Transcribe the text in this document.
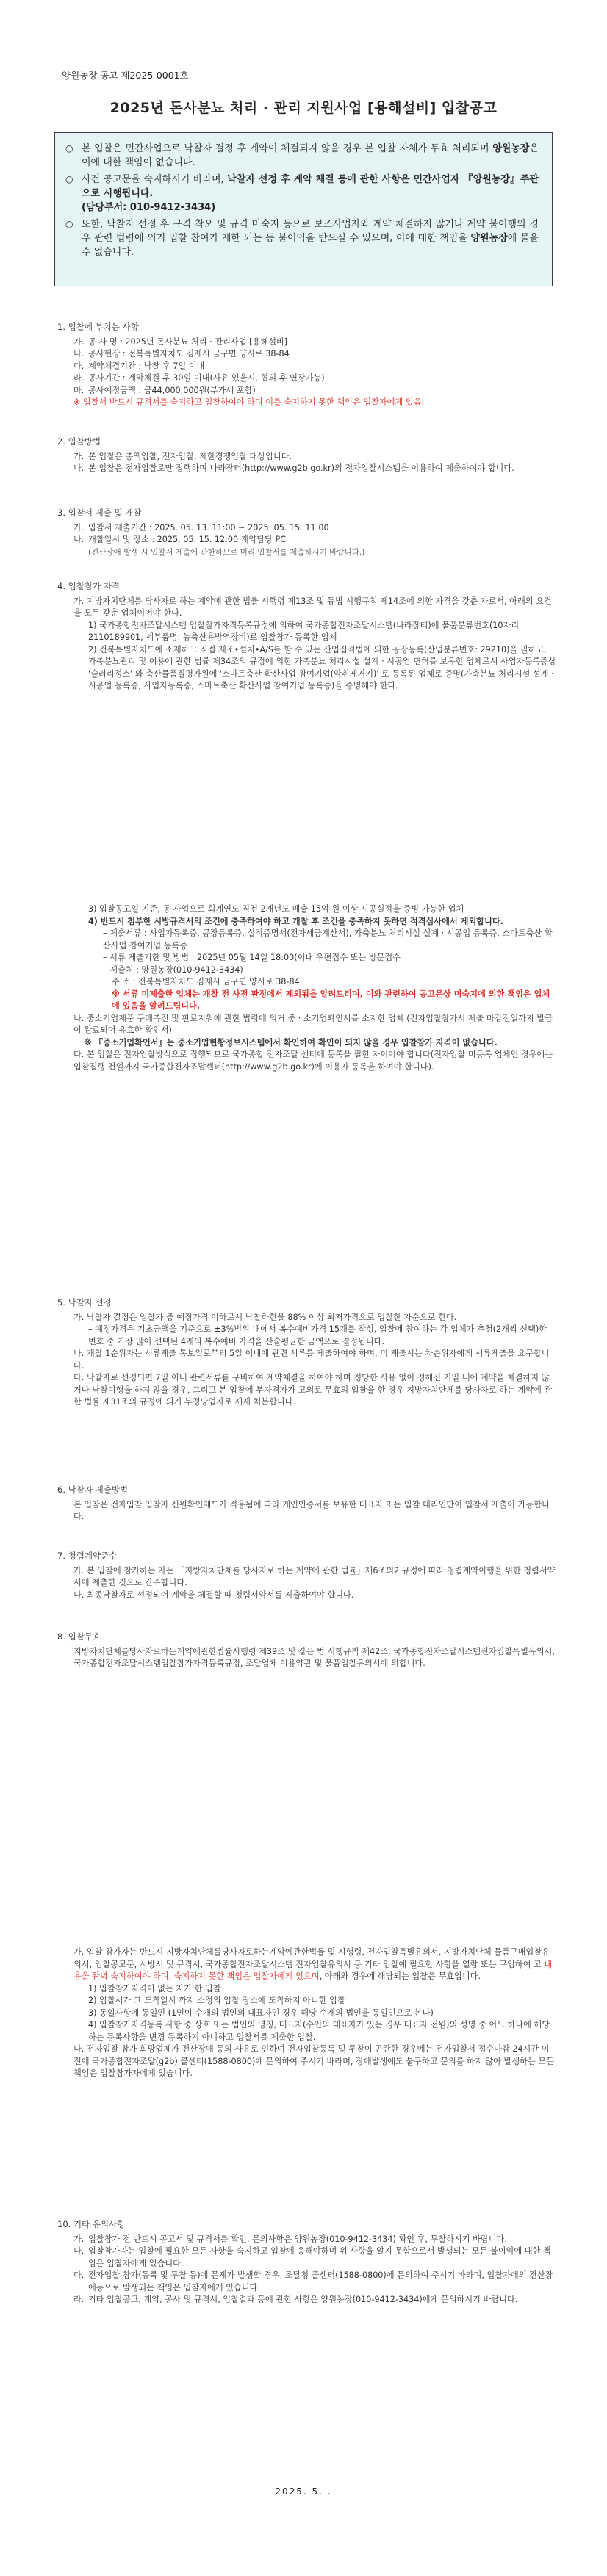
양원농장 공고 제2025-0001호
2025년 돈사분뇨 처리 · 관리 지원사업 [용해설비] 입찰공고
○ 본 입찰은 민간사업으로 낙찰자 결정 후 계약이 체결되지 않을 경우 본 입찰 자체가 무효 처리되며 양원농장은 이에 대한 책임이 없습니다.
○ 사전 공고문을 숙지하시기 바라며, 낙찰자 선정 후 계약 체결 등에 관한 사항은 민간사업자 『양원농장』주관으로 시행됩니다.
(담당부서: 010-9412-3434)
○ 또한, 낙찰자 선정 후 규격 착오 및 규격 미숙지 등으로 보조사업자와 계약 체결하지 않거나 계약 불이행의 경우 관련 법령에 의거 입찰 참여가 제한 되는 등 불이익을 받으실 수 있으며, 이에 대한 책임을 양원농장에 물을 수 없습니다.
1. 입찰에 부치는 사항
가. 공 사 명 : 2025년 돈사분뇨 처리 · 관리사업 [용해설비]
나. 공사현장 : 전북특별자치도 김제시 금구면 양시로 38-84
다. 계약체결기간 : 낙찰 후 7일 이내
라. 공사기간 : 계약체결 후 30일 이내(사유 있을시, 협의 후 연장가능)
마. 공사예정금액 : 금44,000,000원(부가세 포함)
※ 입찰서 반드시 규격서를 숙지하고 입찰하여야 하며 이를 숙지하지 못한 책임은 입찰자에게 있음.
2. 입찰방법
가. 본 입찰은 총액입찰, 전자입찰, 제한경쟁입찰 대상입니다.
나. 본 입찰은 전자입찰로만 집행하며 나라장터(http://www.g2b.go.kr)의 전자입찰시스템을 이용하여 제출하여야 합니다.
3. 입찰서 제출 및 개찰
가. 입찰서 제출기간 : 2025. 05. 13. 11:00 ~ 2025. 05. 15. 11:00
나. 개찰일시 및 장소 : 2025. 05. 15. 12:00 계약담당 PC
(전산장애 발생 시 입찰서 제출에 관한하므로 미리 입찰서를 제출하시기 바랍니다.)
4. 입찰참가 자격
가. 지방자치단체를 당사자로 하는 계약에 관한 법률 시행령 제13조 및 동법 시행규칙 제14조에 의한 자격을 갖춘 자로서, 아래의 요건을 모두 갖춘 업체이어야 한다.
1) 국가종합전자조달시스템 입찰참가자격등록규정에 의하여 국가종합전자조달시스템(나라장터)에 물품분류번호(10자리 2110189901, 세부품명: 농축산용방역장비)로 입찰참가 등록한 업체
2) 전북특별자치도에 소재하고 직접 제조•설치•A/S를 할 수 있는 산업집적법에 의한 공장등록(산업분류번호: 29210)을 필하고, 가축분뇨관리 및 이용에 관한 법률 제34조의 규정에 의한 가축분뇨 처리시설 설계 · 시공업 면허를 보유한 업체로서 사업자등록증상 '슬러리정소' 와 축산물품질평가원에 '스마트축산 확산사업 참여기업(약취제거기)' 로 등록된 업체로 증명(가축분뇨 처리시설 설계 · 시공업 등록증, 사업자등록증, 스마트축산 확산사업 참여기업 등록증)을 증명해야 한다.
3) 입찰공고일 기준, 동 사업으로 회계연도 직전 2개년도 매출 15억 원 이상 시공실적을 증빙 가능한 업체
4) 반드시 첨부한 시방규격서의 조건에 충족하여야 하고 개찰 후 조건을 충족하지 못하면 적격심사에서 제외합니다.
– 제출서류 : 사업자등록증, 공장등록증, 실적증명서(전자세금계산서), 가축분뇨 처리시설 설계 · 시공업 등록증, 스마트축산 확산사업 참여기업 등록증
– 서류 제출기한 및 방법 : 2025년 05월 14일 18:00(이내 우편접수 또는 방문접수
– 제출처 : 양원농장(010-9412-3434)
주 소 : 전북특별자치도 김제시 금구면 양시로 38-84
※ 서류 미제출한 업체는 개찰 전 사전 판정에서 제외됨을 알려드리며, 이와 관련하여 공고문상 미숙지에 의한 책임은 업체에 있음을 알려드립니다.
나. 중소기업제품 구매촉진 및 판로지원에 관한 법령에 의거 중 · 소기업확인서를 소지한 업체 (전자입찰참가서 제출 마감전일까지 발급이 완료되어 유효한 확인서)
※ 『중소기업확인서』는 중소기업현황정보시스템에서 확인하여 확인이 되지 않을 경우 입찰참가 자격이 없습니다.
다. 본 입찰은 전자입찰방식으로 집행되므로 국가종합 전자조달 센터에 등록을 필한 자이어야 합니다(전자입찰 미등록 업체인 경우에는 입찰집행 전일까지 국가종합전자조달센터(http://www.g2b.go.kr)에 이용자 등록을 하여야 합니다).
5. 낙찰자 선정
가. 낙찰자 결정은 입찰자 중 예정가격 이하로서 낙찰하한율 88% 이상 최저가격으로 입찰한 자순으로 한다.
– 예정가격은 기초금액을 기준으로 ±3%범위 내에서 복수예비가격 15개를 작성, 입찰에 참여하는 각 업체가 추첨(2개씩 선택)한 번호 중 가장 많이 선택된 4개의 복수예비 가격을 산술평균한 금액으로 결정됩니다.
나. 개찰 1순위자는 서류제출 통보일로부터 5일 이내에 관련 서류를 제출하여야 하며, 미 제출시는 차순위자에게 서류제출을 요구합니다.
다. 낙찰자로 선정되면 7일 이내 관련서류를 구비하여 계약체결을 하여야 하며 정당한 사유 없이 정해진 기일 내에 계약을 체결하지 않거나 낙찰이행을 하지 않을 경우, 그리고 본 입찰에 부자격자가 고의로 무효의 입찰을 한 경우 지방자치단체를 당사자로 하는 계약에 관한 법률 제31조의 규정에 의거 부정당업자로 제재 처분합니다.
6. 낙찰자 제출방법
본 입찰은 전자입찰 입찰자 신원확인제도가 적용됨에 따라 개인인증서를 보유한 대표자 또는 입찰 대리인만이 입찰서 제출이 가능합니다.
7. 청렴계약준수
가. 본 입찰에 참가하는 자는 「지방자치단체를 당사자로 하는 계약에 관한 법률」제6조의2 규정에 따라 청렴계약이행을 위한 청렴서약서에 제출한 것으로 간주합니다.
나. 최종낙찰자로 선정되어 계약을 체결할 때 청렴서약서를 제출하여야 합니다.
8. 입찰무효
지방자치단체를당사자로하는계약에관한법률시행령 제39조 및 같은 법 시행규칙 제42조, 국가종합전자조달시스템전자입찰특별유의서, 국가종합전자조달시스템입찰참가자격등록규정, 조달업체 이용약관 및 물품입찰유의서에 의합니다.
가. 입찰 참가자는 반드시 지방자치단체를당사자로하는계약에관한법률 및 시행령, 전자입찰특별유의서, 지방자치단체 물품구매입찰유의서, 입찰공고문, 시방서 및 규격서, 국가종합전자조달시스템 전자입찰유의서 등 기타 입찰에 필요한 사항을 열람 또는 구입하여 고 내용을 완벽 숙지하여야 하며, 숙지하지 못한 책임은 입찰자에게 있으며, 아래와 경우에 해당되는 입찰은 무효입니다.
1) 입찰참가자격이 없는 자가 한 입찰
2) 입찰서가 그 도착일시 까지 소정의 입찰 장소에 도착하지 아니한 입찰
3) 동일사항에 동일인 (1인이 수개의 법인의 대표자인 경우 해당 수개의 법인을 동일인으로 본다)
4) 입찰참가자격등록 사항 중 상호 또는 법인의 명칭, 대표자(수인의 대표자가 있는 경우 대표자 전원)의 성명 중 어느 하나에 해당하는 등록사항을 변경 등록하지 아니하고 입찰서를 제출한 입찰.
나. 전자입찰 참가 희망업체가 전산장애 등의 사유로 인하여 전자입찰등록 및 투찰이 곤란한 경우에는 전자입찰서 접수마감 24시간 이전에 국가종합전자조달(g2b) 콜센터(1588-0800)에 문의하여 주시기 바라며, 장애발생에도 불구하고 문의를 하지 않아 발생하는 모든 책임은 입찰참가자에게 있습니다.
10. 기타 유의사항
가. 입찰참가 전 반드시 공고서 및 규격서를 확인, 문의사항은 양원농장(010-9412-3434) 확인 후, 투찰하시기 바랍니다.
나. 입찰참가자는 입찰에 필요한 모든 사항을 숙지하고 입찰에 응해야하며 위 사항을 알지 못함으로서 발생되는 모든 불이익에 대한 책임은 입찰자에게 있습니다.
다. 전자입찰 참가(등록 및 투찰 등)에 문제가 발생할 경우, 조달청 콜센터(1588-0800)에 문의하여 주시기 바라며, 입찰자에의 전산장애등으로 발생되는 책임은 입찰자에게 있습니다.
라. 기타 입찰공고, 계약, 공사 및 규격서, 입찰결과 등에 관한 사항은 양원농장(010-9412-3434)에게 문의하시기 바랍니다.
2025. 5. .
